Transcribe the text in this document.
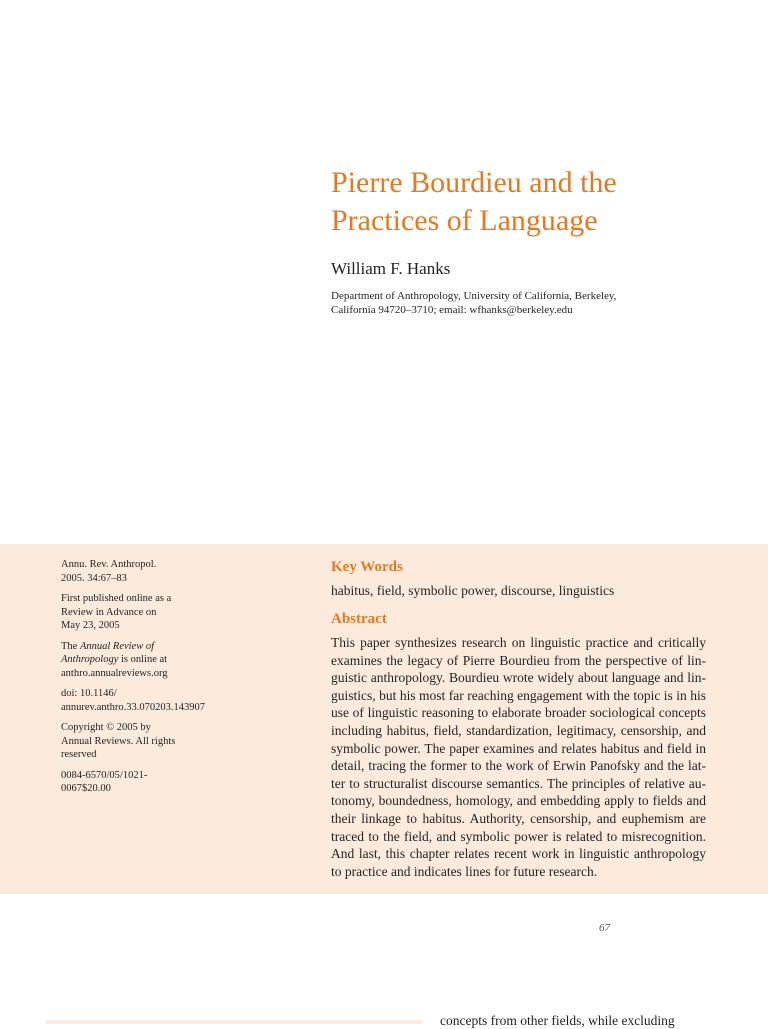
Pierre Bourdieu and the
Practices of Language
William F. Hanks
Department of Anthropology, University of California, Berkeley,
California 94720–3710; email: wfhanks@berkeley.edu

Annu. Rev. Anthropol.
2005. 34:67–83

First published online as a
Review in Advance on
May 23, 2005

The Annual Review of
Anthropology is online at
anthro.annualreviews.org

doi: 10.1146/
annurev.anthro.33.070203.143907

Copyright © 2005 by
Annual Reviews. All rights
reserved

0084-6570/05/1021-
0067$20.00

Key Words
habitus, field, symbolic power, discourse, linguistics
Abstract
This paper synthesizes research on linguistic practice and critically
examines the legacy of Pierre Bourdieu from the perspective of lin-
guistic anthropology. Bourdieu wrote widely about language and lin-
guistics, but his most far reaching engagement with the topic is in his
use of linguistic reasoning to elaborate broader sociological concepts
including habitus, field, standardization, legitimacy, censorship, and
symbolic power. The paper examines and relates habitus and field in
detail, tracing the former to the work of Erwin Panofsky and the lat-
ter to structuralist discourse semantics. The principles of relative au-
tonomy, boundedness, homology, and embedding apply to fields and
their linkage to habitus. Authority, censorship, and euphemism are
traced to the field, and symbolic power is related to misrecognition.
And last, this chapter relates recent work in linguistic anthropology
to practice and indicates lines for future research.
67
concepts from other fields, while excluding
